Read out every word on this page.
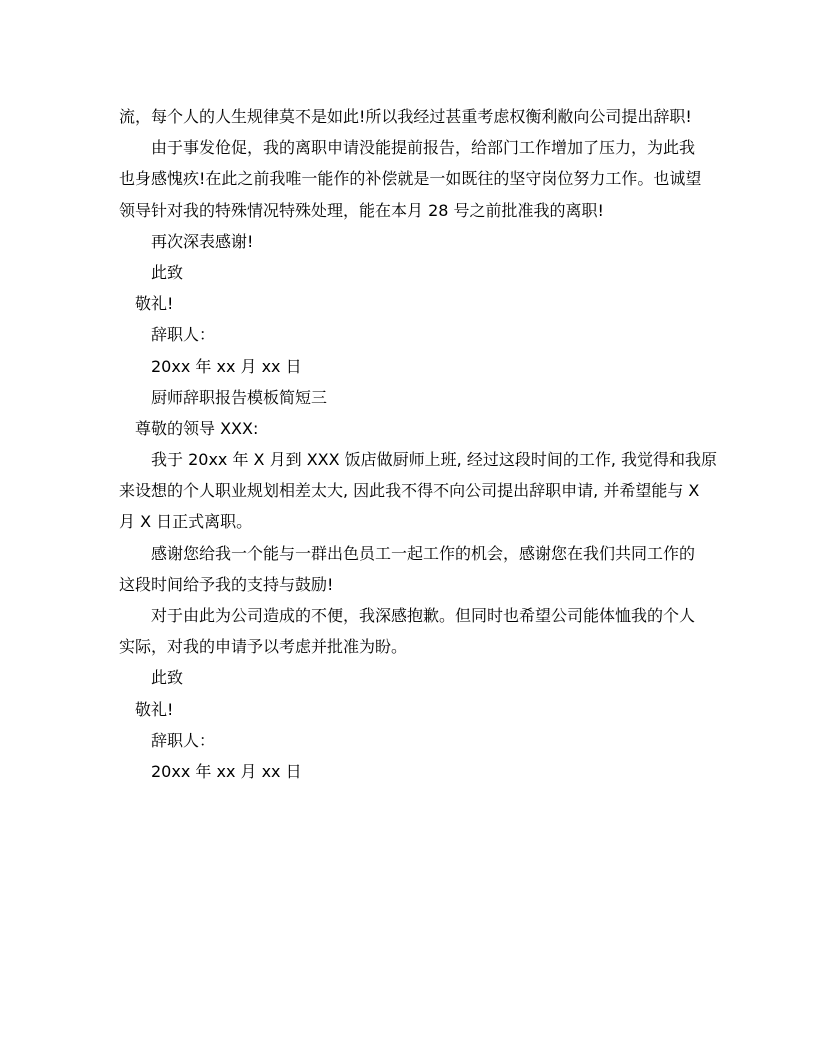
流，每个人的人生规律莫不是如此!所以我经过甚重考虑权衡利敝向公司提出辞职!
由于事发伧促，我的离职申请没能提前报告，给部门工作增加了压力，为此我
也身感愧疚!在此之前我唯一能作的补偿就是一如既往的坚守岗位努力工作。也诚望
领导针对我的特殊情况特殊处理，能在本月 28 号之前批准我的离职!
再次深表感谢!
此致
敬礼!
辞职人：
20xx 年 xx 月 xx 日
厨师辞职报告模板简短三
尊敬的领导 XXX:
我于 20xx 年 X 月到 XXX 饭店做厨师上班, 经过这段时间的工作, 我觉得和我原
来设想的个人职业规划相差太大, 因此我不得不向公司提出辞职申请, 并希望能与 X
月 X 日正式离职。
感谢您给我一个能与一群出色员工一起工作的机会，感谢您在我们共同工作的
这段时间给予我的支持与鼓励!
对于由此为公司造成的不便，我深感抱歉。但同时也希望公司能体恤我的个人
实际，对我的申请予以考虑并批准为盼。
此致
敬礼!
辞职人：
20xx 年 xx 月 xx 日
